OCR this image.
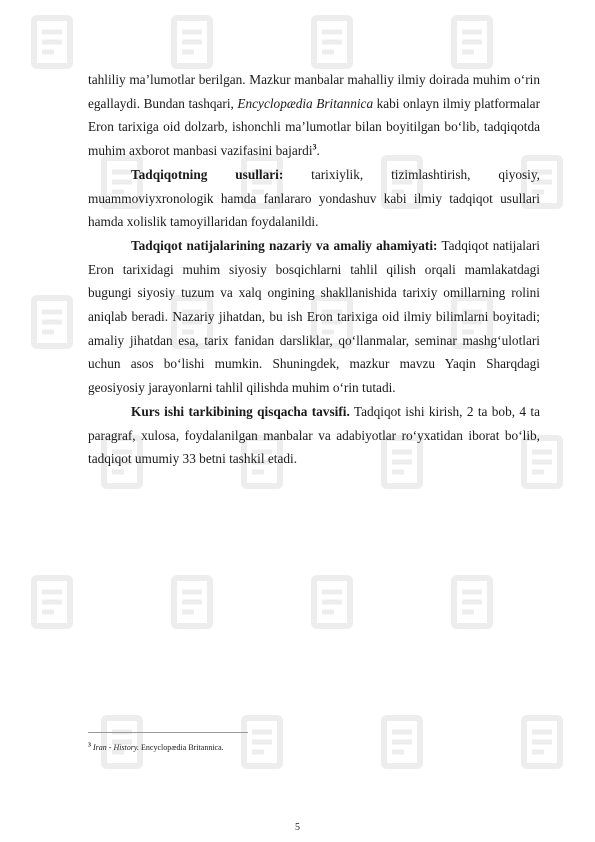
tahliliy ma’lumotlar berilgan. Mazkur manbalar mahalliy ilmiy doirada muhim o‘rin egallaydi. Bundan tashqari, Encyclopædia Britannica kabi onlayn ilmiy platformalar Eron tarixiga oid dolzarb, ishonchli ma’lumotlar bilan boyitilgan bo‘lib, tadqiqotda muhim axborot manbasi vazifasini bajardi$^3$.

Tadqiqotning usullari: tarixiylik, tizimlashtirish, qiyosiy, muammoviyxronologik hamda fanlararo yondashuv kabi ilmiy tadqiqot usullari hamda xolislik tamoyillaridan foydalanildi.

Tadqiqot natijalarining nazariy va amaliy ahamiyati: Tadqiqot natijalari Eron tarixidagi muhim siyosiy bosqichlarni tahlil qilish orqali mamlakatdagi bugungi siyosiy tuzum va xalq ongining shakllanishida tarixiy omillarning rolini aniqlab beradi. Nazariy jihatdan, bu ish Eron tarixiga oid ilmiy bilimlarni boyitadi; amaliy jihatdan esa, tarix fanidan darsliklar, qo‘llanmalar, seminar mashg‘ulotlari uchun asos bo‘lishi mumkin. Shuningdek, mazkur mavzu Yaqin Sharqdagi geosiyosiy jarayonlarni tahlil qilishda muhim o‘rin tutadi.

Kurs ishi tarkibining qisqacha tavsifi. Tadqiqot ishi kirish, 2 ta bob, 4 ta paragraf, xulosa, foydalanilgan manbalar va adabiyotlar ro‘yxatidan iborat bo‘lib, tadqiqot umumiy 33 betni tashkil etadi.

$^3$ Iran - History. Encyclopædia Britannica.
5
